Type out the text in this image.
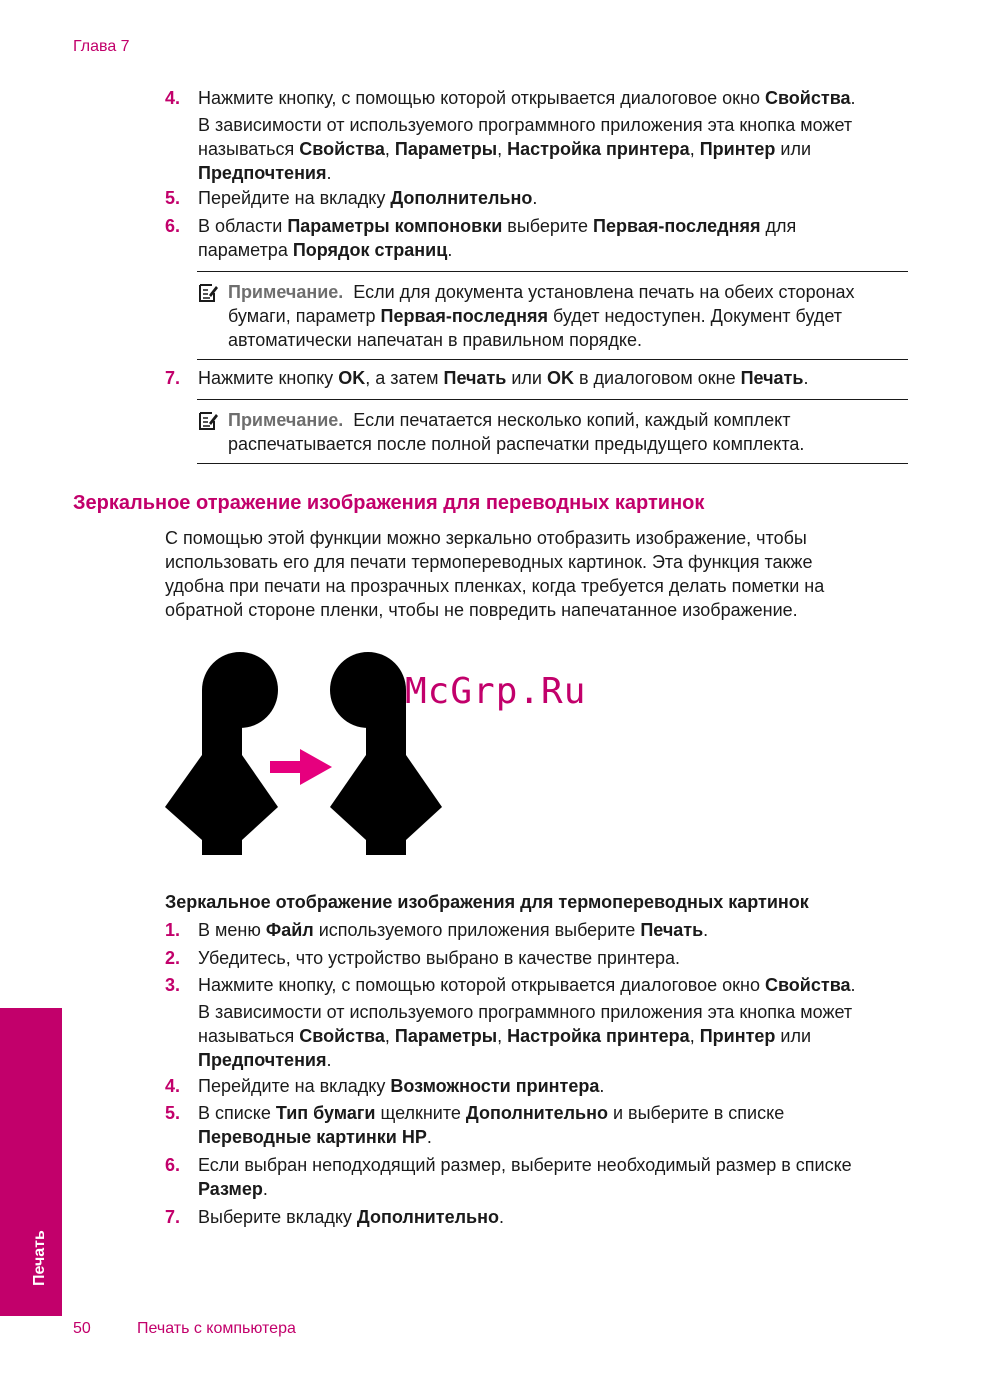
Глава 7
4. Нажмите кнопку, с помощью которой открывается диалоговое окно Свойства.
В зависимости от используемого программного приложения эта кнопка может
называться Свойства, Параметры, Настройка принтера, Принтер или
Предпочтения.
5. Перейдите на вкладку Дополнительно.
6. В области Параметры компоновки выберите Первая-последняя для
параметра Порядок страниц.
Примечание. Если для документа установлена печать на обеих сторонах
бумаги, параметр Первая-последняя будет недоступен. Документ будет
автоматически напечатан в правильном порядке.
7. Нажмите кнопку OK, а затем Печать или OK в диалоговом окне Печать.
Примечание. Если печатается несколько копий, каждый комплект
распечатывается после полной распечатки предыдущего комплекта.
Зеркальное отражение изображения для переводных картинок
С помощью этой функции можно зеркально отобразить изображение, чтобы
использовать его для печати термопереводных картинок. Эта функция также
удобна при печати на прозрачных пленках, когда требуется делать пометки на
обратной стороне пленки, чтобы не повредить напечатанное изображение.
McGrp.Ru
Зеркальное отображение изображения для термопереводных картинок
1. В меню Файл используемого приложения выберите Печать.
2. Убедитесь, что устройство выбрано в качестве принтера.
3. Нажмите кнопку, с помощью которой открывается диалоговое окно Свойства.
В зависимости от используемого программного приложения эта кнопка может
называться Свойства, Параметры, Настройка принтера, Принтер или
Предпочтения.
4. Перейдите на вкладку Возможности принтера.
5. В списке Тип бумаги щелкните Дополнительно и выберите в списке
Переводные картинки HP.
6. Если выбран неподходящий размер, выберите необходимый размер в списке
Размер.
7. Выберите вкладку Дополнительно.
Печать
50	Печать с компьютера
